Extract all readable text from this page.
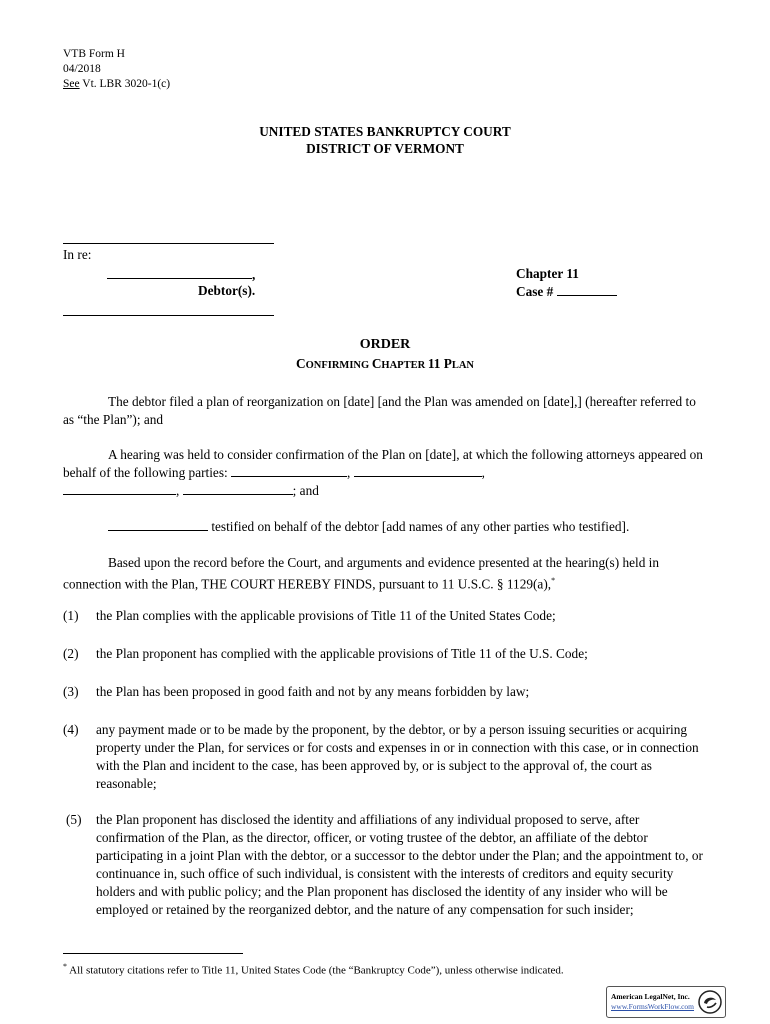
VTB Form H
04/2018
See Vt. LBR 3020-1(c)
UNITED STATES BANKRUPTCY COURT
DISTRICT OF VERMONT
In re:
,
Debtor(s).
Chapter 11
Case #
ORDER
CONFIRMING CHAPTER 11 PLAN
The debtor filed a plan of reorganization on [date] [and the Plan was amended on [date],] (hereafter referred to as “the Plan”); and
A hearing was held to consider confirmation of the Plan on [date], at which the following attorneys appeared on behalf of the following parties:	,	,
,	; and
testified on behalf of the debtor [add names of any other parties who testified].
Based upon the record before the Court, and arguments and evidence presented at the hearing(s) held in connection with the Plan, THE COURT HEREBY FINDS, pursuant to 11 U.S.C. § 1129(a),*
(1) the Plan complies with the applicable provisions of Title 11 of the United States Code;
(2) the Plan proponent has complied with the applicable provisions of Title 11 of the U.S. Code;
(3) the Plan has been proposed in good faith and not by any means forbidden by law;
(4) any payment made or to be made by the proponent, by the debtor, or by a person issuing securities or acquiring property under the Plan, for services or for costs and expenses in or in connection with this case, or in connection with the Plan and incident to the case, has been approved by, or is subject to the approval of, the court as reasonable;
(5) the Plan proponent has disclosed the identity and affiliations of any individual proposed to serve, after confirmation of the Plan, as the director, officer, or voting trustee of the debtor, an affiliate of the debtor participating in a joint Plan with the debtor, or a successor to the debtor under the Plan; and the appointment to, or continuance in, such office of such individual, is consistent with the interests of creditors and equity security holders and with public policy; and the Plan proponent has disclosed the identity of any insider who will be employed or retained by the reorganized debtor, and the nature of any compensation for such insider;
* All statutory citations refer to Title 11, United States Code (the “Bankruptcy Code”), unless otherwise indicated.
American LegalNet, Inc.
www.FormsWorkFlow.com
